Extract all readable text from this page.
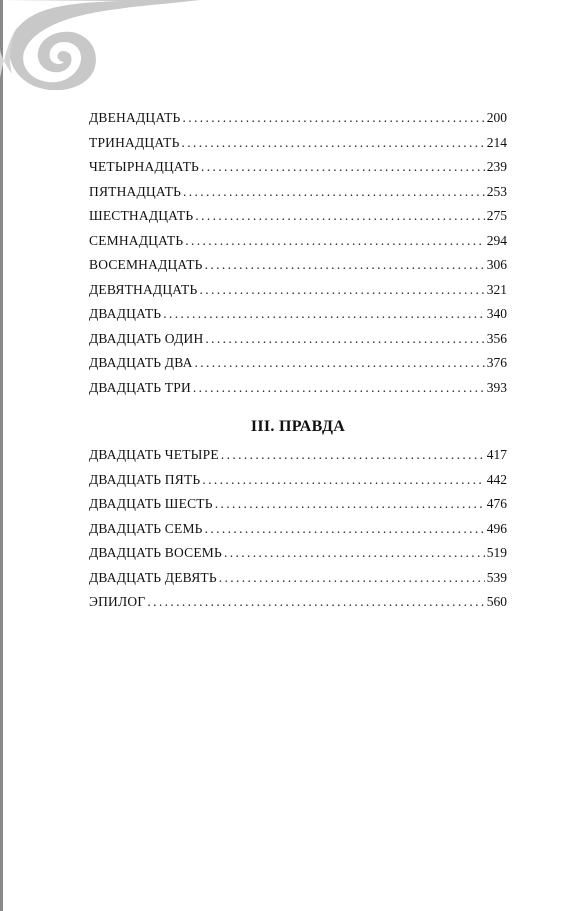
ДВЕНАДЦАТЬ . . .	200
ТРИНАДЦАТЬ . . .	214
ЧЕТЫРНАДЦАТЬ . . .	239
ПЯТНАДЦАТЬ . . .	253
ШЕСТНАДЦАТЬ . . .	275
СЕМНАДЦАТЬ . . .	294
ВОСЕМНАДЦАТЬ . . .	306
ДЕВЯТНАДЦАТЬ . . .	321
ДВАДЦАТЬ . . .	340
ДВАДЦАТЬ ОДИН . . .	356
ДВАДЦАТЬ ДВА . . .	376
ДВАДЦАТЬ ТРИ . . .	393
III. ПРАВДА
ДВАДЦАТЬ ЧЕТЫРЕ . . .	417
ДВАДЦАТЬ ПЯТЬ . . .	442
ДВАДЦАТЬ ШЕСТЬ . . .	476
ДВАДЦАТЬ СЕМЬ . . .	496
ДВАДЦАТЬ ВОСЕМЬ . . .	519
ДВАДЦАТЬ ДЕВЯТЬ . . .	539
ЭПИЛОГ . . .	560
